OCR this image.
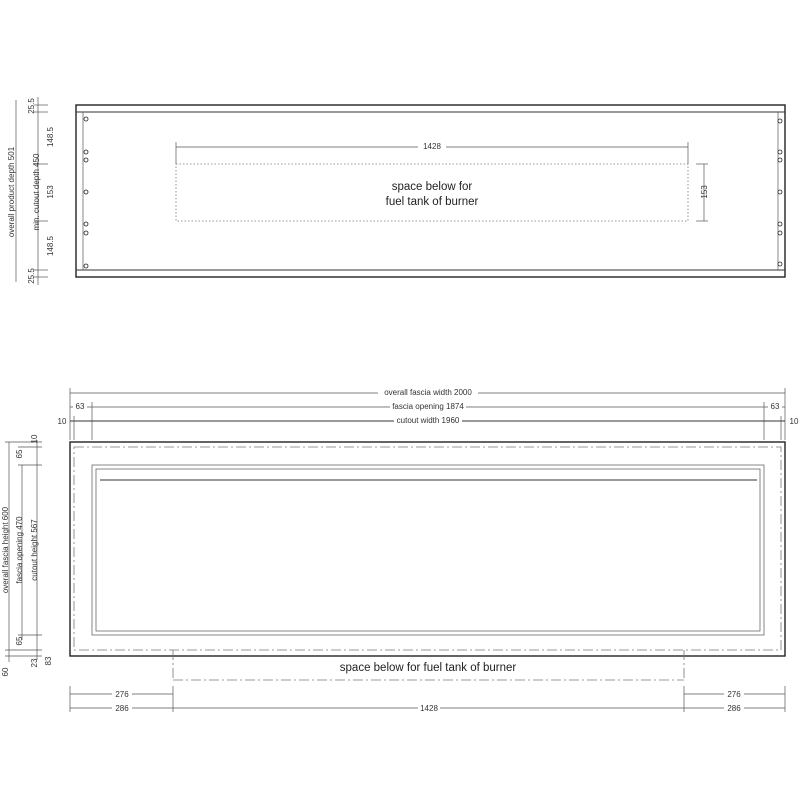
space below for
fuel tank of burner
1428
153
25.5
148.5
153
148.5
25.5
overall product depth 501 min. cutout depth 450
space below for fuel tank of burner
overall fascia width 2000
fascia opening 1874
63	63
cutout width 1960
10	10
overall fascia height 600 fascia opening 470 cutout height 567
10
65
65
23 83
60
276	276
286	1428	286
